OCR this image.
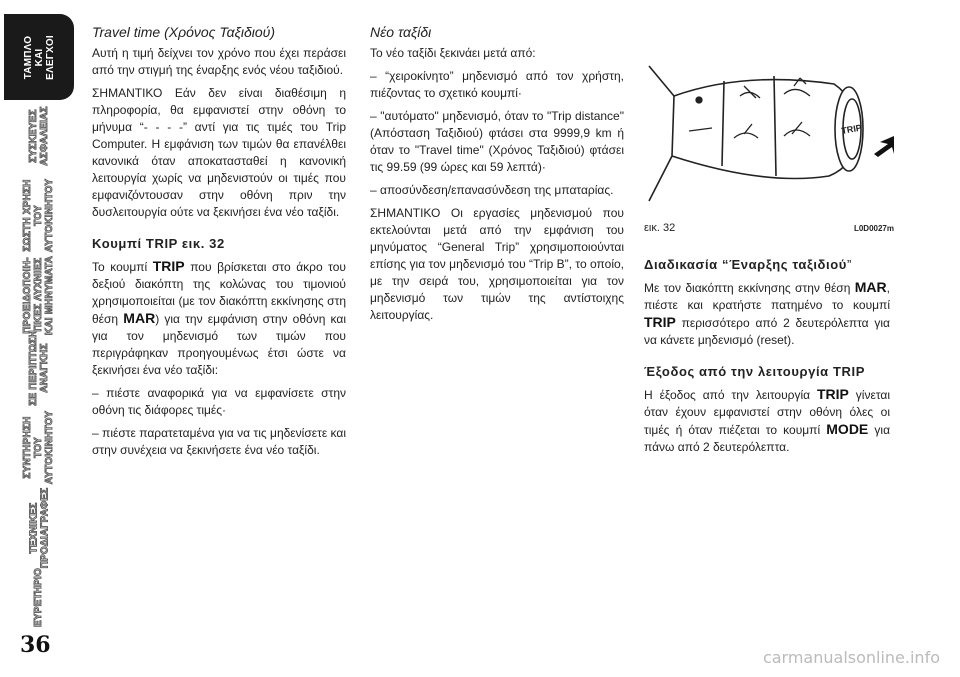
ΤΑΜΠΛΟ
ΚΑΙ
ΕΛΕΓΧΟΙ
ΣΥΣΚΕΥΕΣ
ΑΣΦΑΛΕΙΑΣ
ΣΩΣΤΗ ΧΡΗΣΗ
ΤΟΥ
ΑΥΤΟΚΙΝΗΤΟΥ
ΠΡΟΕΙΔΟΠΟΙΗ-
ΤΙΚΕΣ ΛΥΧΝΙΕΣ
ΚΑΙ ΜΗΝΥΜΑΤΑ
ΣΕ ΠΕΡΙΠΤΩΣΗ
ΑΝΑΓΚΗΣ
ΣΥΝΤΗΡΗΣΗ
ΤΟΥ
ΑΥΤΟΚΙΝΗΤΟΥ
ΤΕΧΝΙΚΕΣ
ΠΡΟΔΙΑΓΡΑΦΕΣ
ΕΥΡΕΤΗΡΙΟ
36
Travel time (Χρόνος Ταξιδιού)

Αυτή η τιμή δείχνει τον χρόνο που έχει περάσει από την στιγμή της έναρξης ενός νέου ταξιδιού.

ΣΗΜΑΝΤΙΚΟ Εάν δεν είναι διαθέσιμη η πληροφορία, θα εμφανιστεί στην οθόνη το μήνυμα “- - - -” αντί για τις τιμές του Trip Computer. Η εμφάνιση των τιμών θα επανέλθει κανονικά όταν αποκατασταθεί η κανονική λειτουργία χωρίς να μηδενιστούν οι τιμές που εμφανιζόντουσαν στην οθόνη πριν την δυσλειτουργία ούτε να ξεκινήσει ένα νέο ταξίδι.

Κουμπί TRIP εικ. 32

Το κουμπί TRIP που βρίσκεται στο άκρο του δεξιού διακόπτη της κολώνας του τιμονιού χρησιμοποιείται (με τον διακόπτη εκκίνησης στη θέση MAR) για την εμφάνιση στην οθόνη και για τον μηδενισμό των τιμών που περιγράφηκαν προηγουμένως έτσι ώστε να ξεκινήσει ένα νέο ταξίδι:

– πιέστε αναφορικά για να εμφανίσετε στην οθόνη τις διάφορες τιμές·

– πιέστε παρατεταμένα για να τις μηδενίσετε και στην συνέχεια να ξεκινήσετε ένα νέο ταξίδι.

Νέο ταξίδι

Το νέο ταξίδι ξεκινάει μετά από:

– “χειροκίνητο” μηδενισμό από τον χρήστη, πιέζοντας το σχετικό κουμπί·

– "αυτόματο" μηδενισμό, όταν το "Trip distance" (Απόσταση Ταξιδιού) φτάσει στα 9999,9 km ή όταν το "Travel time" (Χρόνος Ταξιδιού) φτάσει τις 99.59 (99 ώρες και 59 λεπτά)·

– αποσύνδεση/επανασύνδεση της μπαταρίας.

ΣΗΜΑΝΤΙΚΟ Οι εργασίες μηδενισμού που εκτελούνται μετά από την εμφάνιση του μηνύματος “General Trip” χρησιμοποιούνται επίσης για τον μηδενισμό του “Trip B”, το οποίο, με την σειρά του, χρησιμοποιείται για τον μηδενισμό των τιμών της αντίστοιχης λειτουργίας.

TRIP
εικ. 32	L0D0027m
Διαδικασία “Έναρξης ταξιδιού”

Με τον διακόπτη εκκίνησης στην θέση MAR, πιέστε και κρατήστε πατημένο το κουμπί TRIP περισσότερο από 2 δευτερόλεπτα για να κάνετε μηδενισμό (reset).

Έξοδος από την λειτουργία TRIP

Η έξοδος από την λειτουργία TRIP γίνεται όταν έχουν εμφανιστεί στην οθόνη όλες οι τιμές ή όταν πιέζεται το κουμπί MODE για πάνω από 2 δευτερόλεπτα.

carmanualsonline.info
